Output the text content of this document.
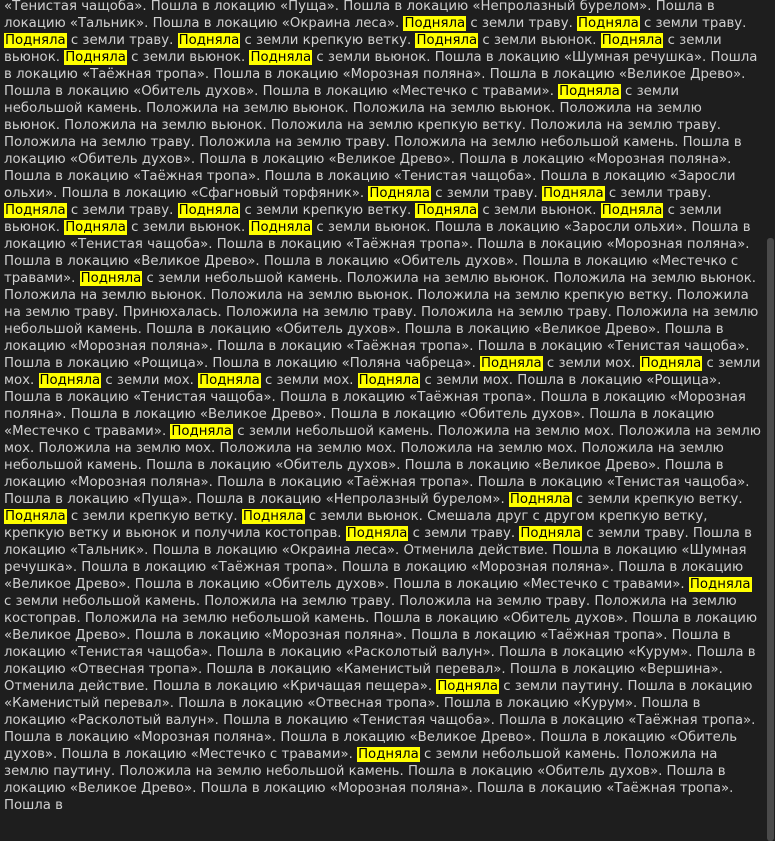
«Тенистая чащоба». Пошла в локацию «Пуща». Пошла в локацию «Непролазный бурелом». Пошла в локацию «Тальник». Пошла в локацию «Окраина леса». Подняла с земли траву. Подняла с земли траву. Подняла с земли траву. Подняла с земли крепкую ветку. Подняла с земли вьюнок. Подняла с земли вьюнок. Подняла с земли вьюнок. Подняла с земли вьюнок. Пошла в локацию «Шумная речушка». Пошла в локацию «Таёжная тропа». Пошла в локацию «Морозная поляна». Пошла в локацию «Великое Древо». Пошла в локацию «Обитель духов». Пошла в локацию «Местечко с травами». Подняла с земли небольшой камень. Положила на землю вьюнок. Положила на землю вьюнок. Положила на землю вьюнок. Положила на землю вьюнок. Положила на землю крепкую ветку. Положила на землю траву. Положила на землю траву. Положила на землю траву. Положила на землю небольшой камень. Пошла в локацию «Обитель духов». Пошла в локацию «Великое Древо». Пошла в локацию «Морозная поляна». Пошла в локацию «Таёжная тропа». Пошла в локацию «Тенистая чащоба». Пошла в локацию «Заросли ольхи». Пошла в локацию «Сфагновый торфяник». Подняла с земли траву. Подняла с земли траву. Подняла с земли траву. Подняла с земли крепкую ветку. Подняла с земли вьюнок. Подняла с земли вьюнок. Подняла с земли вьюнок. Подняла с земли вьюнок. Пошла в локацию «Заросли ольхи». Пошла в локацию «Тенистая чащоба». Пошла в локацию «Таёжная тропа». Пошла в локацию «Морозная поляна». Пошла в локацию «Великое Древо». Пошла в локацию «Обитель духов». Пошла в локацию «Местечко с травами». Подняла с земли небольшой камень. Положила на землю вьюнок. Положила на землю вьюнок. Положила на землю вьюнок. Положила на землю вьюнок. Положила на землю крепкую ветку. Положила на землю траву. Принюхалась. Положила на землю траву. Положила на землю траву. Положила на землю небольшой камень. Пошла в локацию «Обитель духов». Пошла в локацию «Великое Древо». Пошла в локацию «Морозная поляна». Пошла в локацию «Таёжная тропа». Пошла в локацию «Тенистая чащоба». Пошла в локацию «Рощица». Пошла в локацию «Поляна чабреца». Подняла с земли мох. Подняла с земли мох. Подняла с земли мох. Подняла с земли мох. Подняла с земли мох. Пошла в локацию «Рощица». Пошла в локацию «Тенистая чащоба». Пошла в локацию «Таёжная тропа». Пошла в локацию «Морозная поляна». Пошла в локацию «Великое Древо». Пошла в локацию «Обитель духов». Пошла в локацию «Местечко с травами». Подняла с земли небольшой камень. Положила на землю мох. Положила на землю мох. Положила на землю мох. Положила на землю мох. Положила на землю мох. Положила на землю небольшой камень. Пошла в локацию «Обитель духов». Пошла в локацию «Великое Древо». Пошла в локацию «Морозная поляна». Пошла в локацию «Таёжная тропа». Пошла в локацию «Тенистая чащоба». Пошла в локацию «Пуща». Пошла в локацию «Непролазный бурелом». Подняла с земли крепкую ветку. Подняла с земли крепкую ветку. Подняла с земли вьюнок. Смешала друг с другом крепкую ветку, крепкую ветку и вьюнок и получила костоправ. Подняла с земли траву. Подняла с земли траву. Пошла в локацию «Тальник». Пошла в локацию «Окраина леса». Отменила действие. Пошла в локацию «Шумная речушка». Пошла в локацию «Таёжная тропа». Пошла в локацию «Морозная поляна». Пошла в локацию «Великое Древо». Пошла в локацию «Обитель духов». Пошла в локацию «Местечко с травами». Подняла с земли небольшой камень. Положила на землю траву. Положила на землю траву. Положила на землю костоправ. Положила на землю небольшой камень. Пошла в локацию «Обитель духов». Пошла в локацию «Великое Древо». Пошла в локацию «Морозная поляна». Пошла в локацию «Таёжная тропа». Пошла в локацию «Тенистая чащоба». Пошла в локацию «Расколотый валун». Пошла в локацию «Курум». Пошла в локацию «Отвесная тропа». Пошла в локацию «Каменистый перевал». Пошла в локацию «Вершина». Отменила действие. Пошла в локацию «Кричащая пещера». Подняла с земли паутину. Пошла в локацию «Каменистый перевал». Пошла в локацию «Отвесная тропа». Пошла в локацию «Курум». Пошла в локацию «Расколотый валун». Пошла в локацию «Тенистая чащоба». Пошла в локацию «Таёжная тропа». Пошла в локацию «Морозная поляна». Пошла в локацию «Великое Древо». Пошла в локацию «Обитель духов». Пошла в локацию «Местечко с травами». Подняла с земли небольшой камень. Положила на землю паутину. Положила на землю небольшой камень. Пошла в локацию «Обитель духов». Пошла в локацию «Великое Древо». Пошла в локацию «Морозная поляна». Пошла в локацию «Таёжная тропа». Пошла в
